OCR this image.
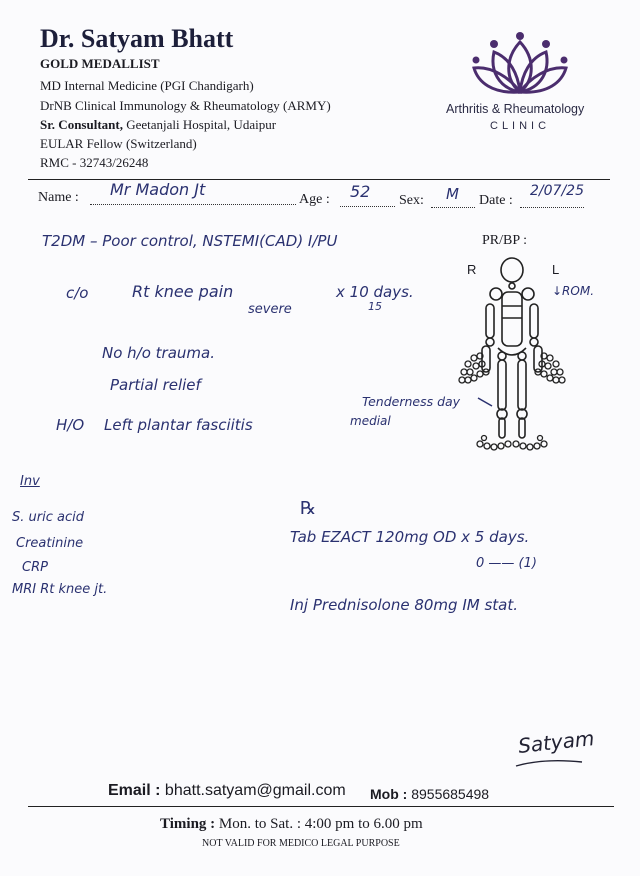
Dr. Satyam Bhatt
GOLD MEDALLIST
MD Internal Medicine (PGI Chandigarh)
DrNB Clinical Immunology & Rheumatology (ARMY)
Sr. Consultant, Geetanjali Hospital, Udaipur
EULAR Fellow (Switzerland)
RMC - 32743/26248
Arthritis & Rheumatology
CLINIC
Name : Mr Madon Jt
Age : 52 Sex: M Date :
2/07/25
T2DM – Poor control, NSTEMI(CAD) I/PU	PR/BP :
c/o	Rt knee pain
severe
x 10 days.
15
No h/o trauma.
Partial relief
H/O Left plantar fasciitis
Tenderness day
medial
R	L
↓ROM.
Inv
S. uric acid
Creatinine
CRP
MRI Rt knee jt.
℞
Tab EZACT 120mg OD x 5 days.
0 —— (1)
Inj Prednisolone 80mg IM stat.
Satyam
Email : bhatt.satyam@gmail.com Mob : 8955685498
Timing : Mon. to Sat. : 4:00 pm to 6.00 pm
NOT VALID FOR MEDICO LEGAL PURPOSE
